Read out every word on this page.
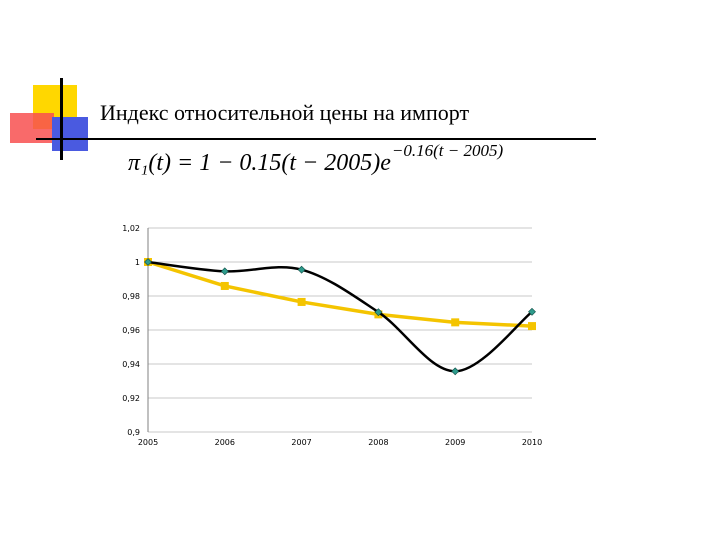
Индекс относительной цены на импорт
π₁(t) = 1 − 0.15(t − 2005)e−0.16(t − 2005)
0,9
0,92
0,94
0,96
0,98
1
1,02
2005	2006	2007	2008	2009	2010
